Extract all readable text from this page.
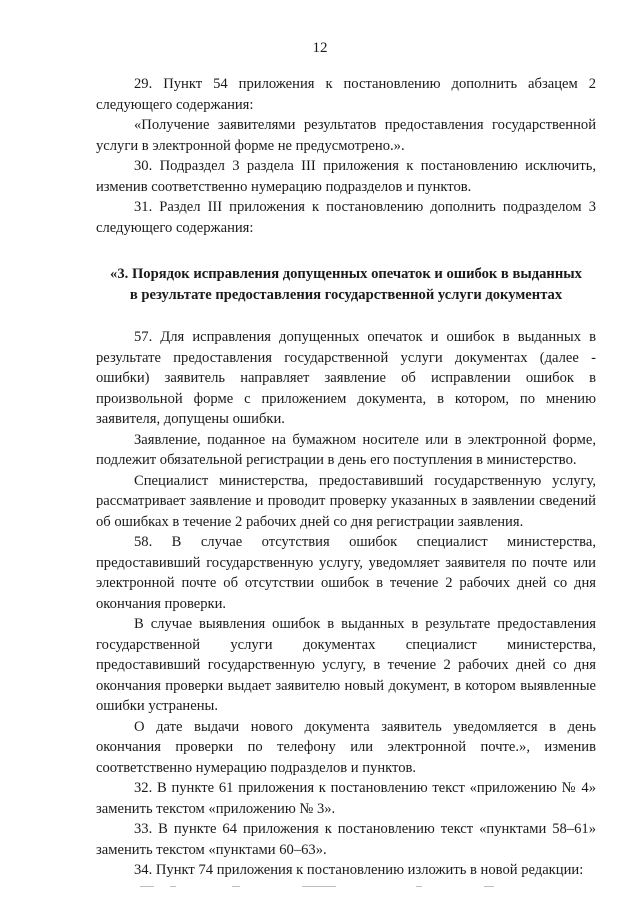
12

29. Пункт 54 приложения к постановлению дополнить абзацем 2 следующего содержания:

«Получение заявителями результатов предоставления государственной услуги в электронной форме не предусмотрено.».

30. Подраздел 3 раздела III приложения к постановлению исключить, изменив соответственно нумерацию подразделов и пунктов.

31. Раздел III приложения к постановлению дополнить подразделом 3 следующего содержания:

«3. Порядок исправления допущенных опечаток и ошибок в выданных
в результате предоставления государственной услуги документах

57. Для исправления допущенных опечаток и ошибок в выданных в результате предоставления государственной услуги документах (далее - ошибки) заявитель направляет заявление об исправлении ошибок в произвольной форме с приложением документа, в котором, по мнению заявителя, допущены ошибки.

Заявление, поданное на бумажном носителе или в электронной форме, подлежит обязательной регистрации в день его поступления в министерство.

Специалист министерства, предоставивший государственную услугу, рассматривает заявление и проводит проверку указанных в заявлении сведений об ошибках в течение 2 рабочих дней со дня регистрации заявления.

58. В случае отсутствия ошибок специалист министерства, предоставивший государственную услугу, уведомляет заявителя по почте или электронной почте об отсутствии ошибок в течение 2 рабочих дней со дня окончания проверки.

В случае выявления ошибок в выданных в результате предоставления государственной услуги документах специалист министерства, предоставивший государственную услугу, в течение 2 рабочих дней со дня окончания проверки выдает заявителю новый документ, в котором выявленные ошибки устранены.

О дате выдачи нового документа заявитель уведомляется в день окончания проверки по телефону или электронной почте.», изменив соответственно нумерацию подразделов и пунктов.

32. В пункте 61 приложения к постановлению текст «приложению № 4» заменить текстом «приложению № 3».

33. В пункте 64 приложения к постановлению текст «пунктами 58–61» заменить текстом «пунктами 60–63».

34. Пункт 74 приложения к постановлению изложить в новой редакции:
